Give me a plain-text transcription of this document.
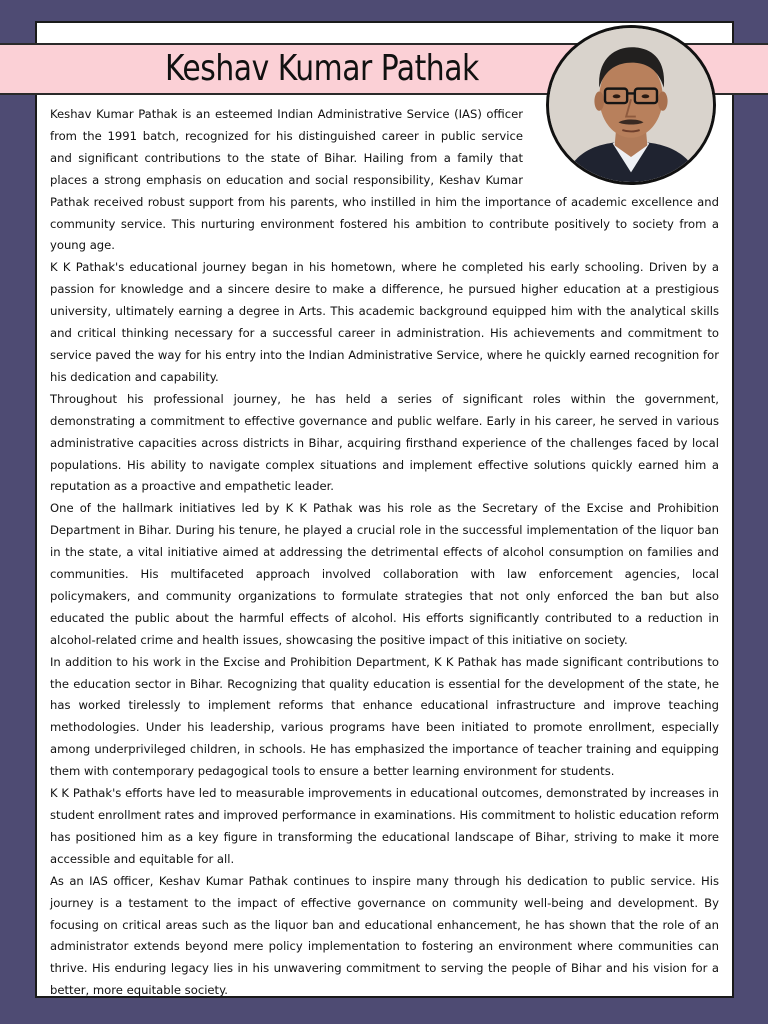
Keshav Kumar Pathak

Keshav Kumar Pathak is an esteemed Indian Administrative Service (IAS) officer from the 1991 batch, recognized for his distinguished career in public service and significant contributions to the state of Bihar. Hailing from a family that places a strong emphasis on education and social responsibility, Keshav Kumar Pathak received robust support from his parents, who instilled in him the importance of academic excellence and community service. This nurturing environment fostered his ambition to contribute positively to society from a young age.

K K Pathak's educational journey began in his hometown, where he completed his early schooling. Driven by a passion for knowledge and a sincere desire to make a difference, he pursued higher education at a prestigious university, ultimately earning a degree in Arts. This academic background equipped him with the analytical skills and critical thinking necessary for a successful career in administration. His achievements and commitment to service paved the way for his entry into the Indian Administrative Service, where he quickly earned recognition for his dedication and capability.

Throughout his professional journey, he has held a series of significant roles within the government, demonstrating a commitment to effective governance and public welfare. Early in his career, he served in various administrative capacities across districts in Bihar, acquiring firsthand experience of the challenges faced by local populations. His ability to navigate complex situations and implement effective solutions quickly earned him a reputation as a proactive and empathetic leader.

One of the hallmark initiatives led by K K Pathak was his role as the Secretary of the Excise and Prohibition Department in Bihar. During his tenure, he played a crucial role in the successful implementation of the liquor ban in the state, a vital initiative aimed at addressing the detrimental effects of alcohol consumption on families and communities. His multifaceted approach involved collaboration with law enforcement agencies, local policymakers, and community organizations to formulate strategies that not only enforced the ban but also educated the public about the harmful effects of alcohol. His efforts significantly contributed to a reduction in alcohol-related crime and health issues, showcasing the positive impact of this initiative on society.

In addition to his work in the Excise and Prohibition Department, K K Pathak has made significant contributions to the education sector in Bihar. Recognizing that quality education is essential for the development of the state, he has worked tirelessly to implement reforms that enhance educational infrastructure and improve teaching methodologies. Under his leadership, various programs have been initiated to promote enrollment, especially among underprivileged children, in schools. He has emphasized the importance of teacher training and equipping them with contemporary pedagogical tools to ensure a better learning environment for students.

K K Pathak's efforts have led to measurable improvements in educational outcomes, demonstrated by increases in student enrollment rates and improved performance in examinations. His commitment to holistic education reform has positioned him as a key figure in transforming the educational landscape of Bihar, striving to make it more accessible and equitable for all.

As an IAS officer, Keshav Kumar Pathak continues to inspire many through his dedication to public service. His journey is a testament to the impact of effective governance on community well-being and development. By focusing on critical areas such as the liquor ban and educational enhancement, he has shown that the role of an administrator extends beyond mere policy implementation to fostering an environment where communities can thrive. His enduring legacy lies in his unwavering commitment to serving the people of Bihar and his vision for a better, more equitable society.
